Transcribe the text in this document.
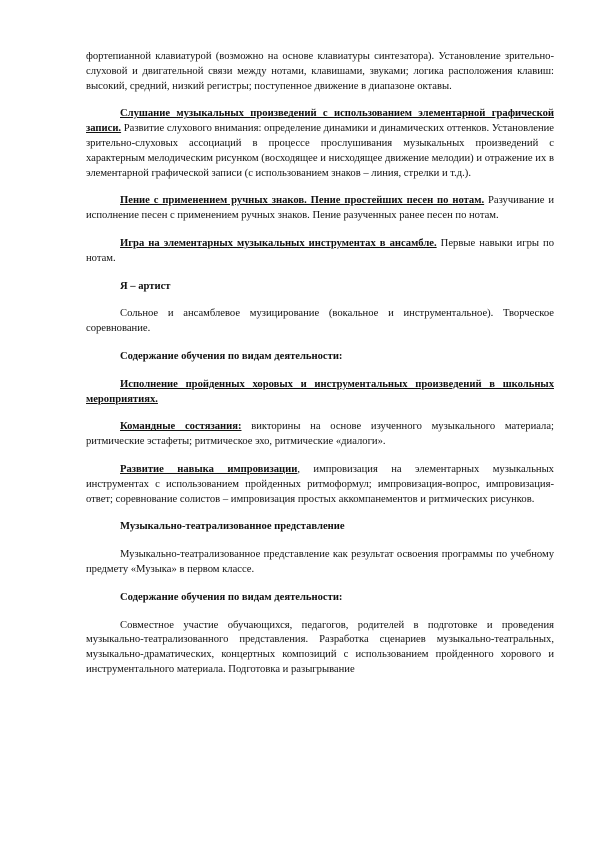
фортепианной клавиатурой (возможно на основе клавиатуры синтезатора). Установление зрительно-слуховой и двигательной связи между нотами, клавишами, звуками; логика расположения клавиш: высокий, средний, низкий регистры; поступенное движение в диапазоне октавы.

Слушание музыкальных произведений с использованием элементарной графической записи. Развитие слухового внимания: определение динамики и динамических оттенков. Установление зрительно-слуховых ассоциаций в процессе прослушивания музыкальных произведений с характерным мелодическим рисунком (восходящее и нисходящее движение мелодии) и отражение их в элементарной графической записи (с использованием знаков – линия, стрелки и т.д.).

Пение с применением ручных знаков. Пение простейших песен по нотам. Разучивание и исполнение песен с применением ручных знаков. Пение разученных ранее песен по нотам.

Игра на элементарных музыкальных инструментах в ансамбле. Первые навыки игры по нотам.

Я – артист

Сольное и ансамблевое музицирование (вокальное и инструментальное). Творческое соревнование.

Содержание обучения по видам деятельности:

Исполнение пройденных хоровых и инструментальных произведений в школьных мероприятиях.

Командные состязания: викторины на основе изученного музыкального материала; ритмические эстафеты; ритмическое эхо, ритмические «диалоги».

Развитие навыка импровизации, импровизация на элементарных музыкальных инструментах с использованием пройденных ритмоформул; импровизация-вопрос, импровизация-ответ; соревнование солистов – импровизация простых аккомпанементов и ритмических рисунков.

Музыкально-театрализованное представление

Музыкально-театрализованное представление как результат освоения программы по учебному предмету «Музыка» в первом классе.

Содержание обучения по видам деятельности:

Совместное участие обучающихся, педагогов, родителей в подготовке и проведения музыкально-театрализованного представления. Разработка сценариев музыкально-театральных, музыкально-драматических, концертных композиций с использованием пройденного хорового и инструментального материала. Подготовка и разыгрывание
